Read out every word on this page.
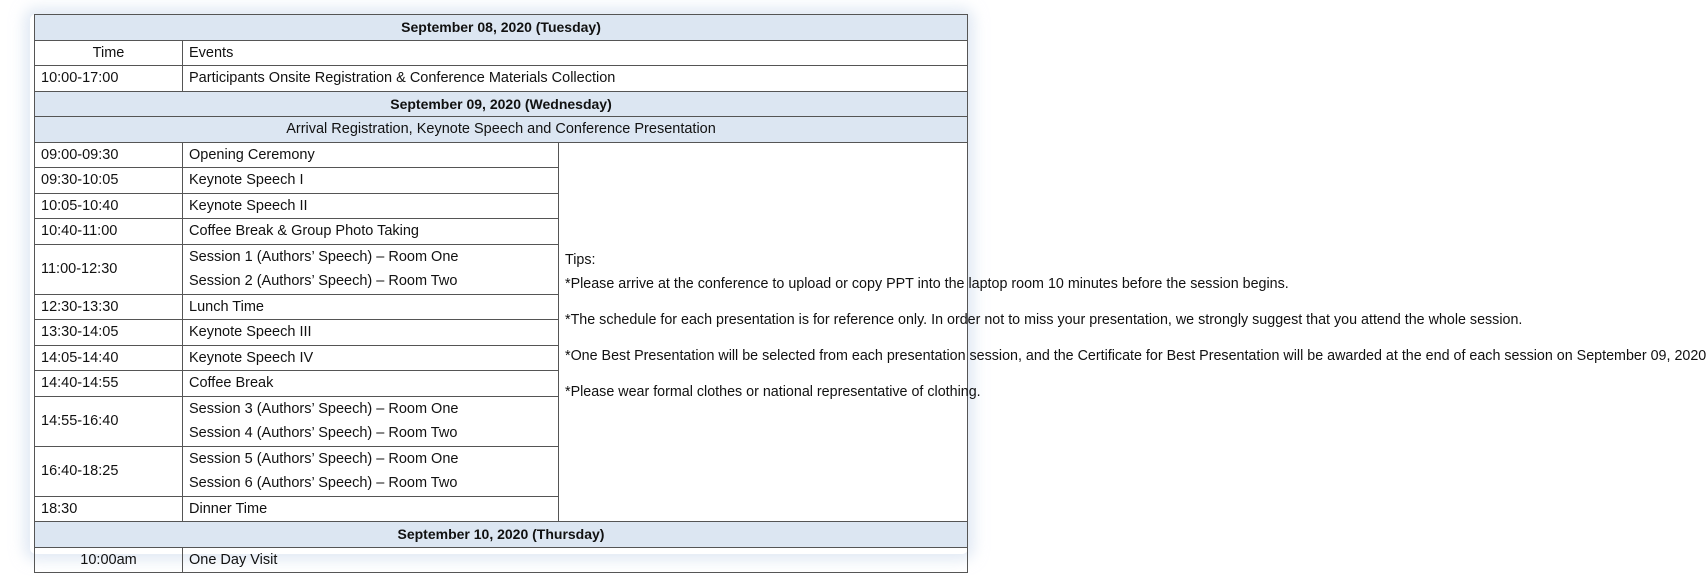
September 08, 2020 (Tuesday)		
Time	Events	
10:00-17:00	Participants Onsite Registration & Conference Materials Collection	
September 09, 2020 (Wednesday)		
Arrival Registration, Keynote Speech and Conference Presentation		
09:00-09:30	Opening Ceremony	Tips:

*Please arrive at the conference to upload or copy PPT into the laptop room 10 minutes before the session begins.

*The schedule for each presentation is for reference only. In order not to miss your presentation, we strongly suggest that you attend the whole session.

*One Best Presentation will be selected from each presentation session, and the Certificate for Best Presentation will be awarded at the end of each session on September 09, 2020

*Please wear formal clothes or national representative of clothing.

09:30-10:05	Keynote Speech I	
10:05-10:40	Keynote Speech II	
10:40-11:00	Coffee Break & Group Photo Taking	
11:00-12:30	Session 1 (Authors’ Speech) – Room One	
	Session 2 (Authors’ Speech) – Room Two	
12:30-13:30	Lunch Time	
13:30-14:05	Keynote Speech III	
14:05-14:40	Keynote Speech IV	
14:40-14:55	Coffee Break	
14:55-16:40	Session 3 (Authors’ Speech) – Room One	
	Session 4 (Authors’ Speech) – Room Two	
16:40-18:25	Session 5 (Authors’ Speech) – Room One	
	Session 6 (Authors’ Speech) – Room Two	
18:30	Dinner Time	
September 10, 2020 (Thursday)		
10:00am	One Day Visit	
